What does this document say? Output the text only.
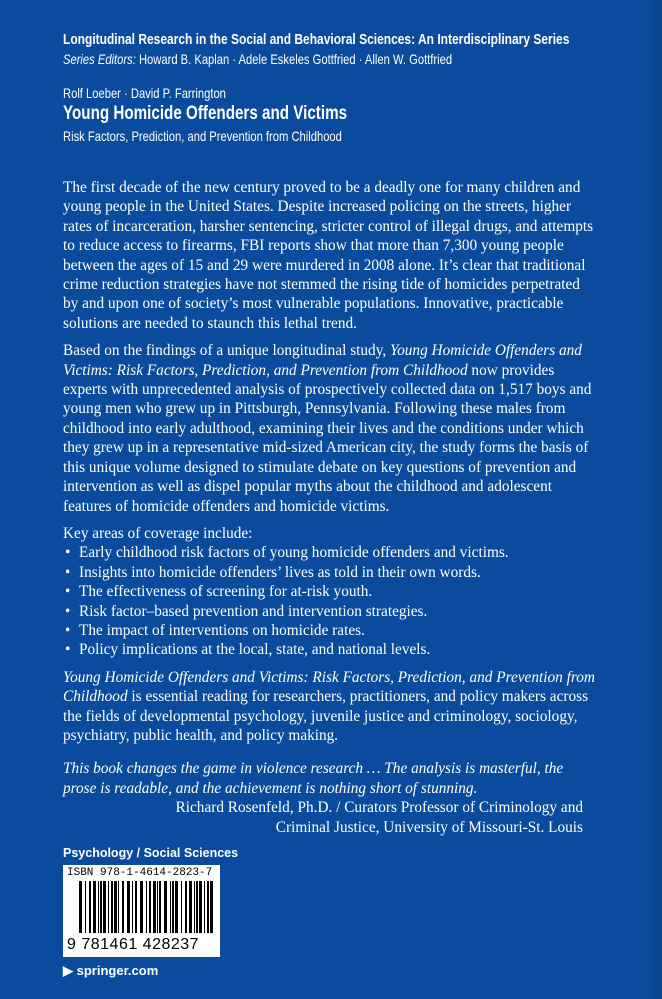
Longitudinal Research in the Social and Behavioral Sciences: An Interdisciplinary Series
Series Editors: Howard B. Kaplan · Adele Eskeles Gottfried · Allen W. Gottfried
Rolf Loeber · David P. Farrington
Young Homicide Offenders and Victims
Risk Factors, Prediction, and Prevention from Childhood

The first decade of the new century proved to be a deadly one for many children and young people in the United States. Despite increased policing on the streets, higher rates of incarceration, harsher sentencing, stricter control of illegal drugs, and attempts to reduce access to firearms, FBI reports show that more than 7,300 young people between the ages of 15 and 29 were murdered in 2008 alone. It’s clear that traditional crime reduction strategies have not stemmed the rising tide of homicides perpetrated by and upon one of society’s most vulnerable populations. Innovative, practicable solutions are needed to staunch this lethal trend.

Based on the findings of a unique longitudinal study, Young Homicide Offenders and Victims: Risk Factors, Prediction, and Prevention from Childhood now provides experts with unprecedented analysis of prospectively collected data on 1,517 boys and young men who grew up in Pittsburgh, Pennsylvania. Following these males from childhood into early adulthood, examining their lives and the conditions under which they grew up in a representative mid-sized American city, the study forms the basis of this unique volume designed to stimulate debate on key questions of prevention and intervention as well as dispel popular myths about the childhood and adolescent features of homicide offenders and homicide victims.

Key areas of coverage include:

• Early childhood risk factors of young homicide offenders and victims.
• Insights into homicide offenders’ lives as told in their own words.
• The effectiveness of screening for at-risk youth.
• Risk factor–based prevention and intervention strategies.
• The impact of interventions on homicide rates.
• Policy implications at the local, state, and national levels.

Young Homicide Offenders and Victims: Risk Factors, Prediction, and Prevention from Childhood is essential reading for researchers, practitioners, and policy makers across the fields of developmental psychology, juvenile justice and criminology, sociology, psychiatry, public health, and policy making.

This book changes the game in violence research … The analysis is masterful, the prose is readable, and the achievement is nothing short of stunning.

Richard Rosenfeld, Ph.D. / Curators Professor of Criminology and

Criminal Justice, University of Missouri-St. Louis

Psychology / Social Sciences
ISBN 978-1-4614-2823-7
9 781461 428237
▶ springer.com
